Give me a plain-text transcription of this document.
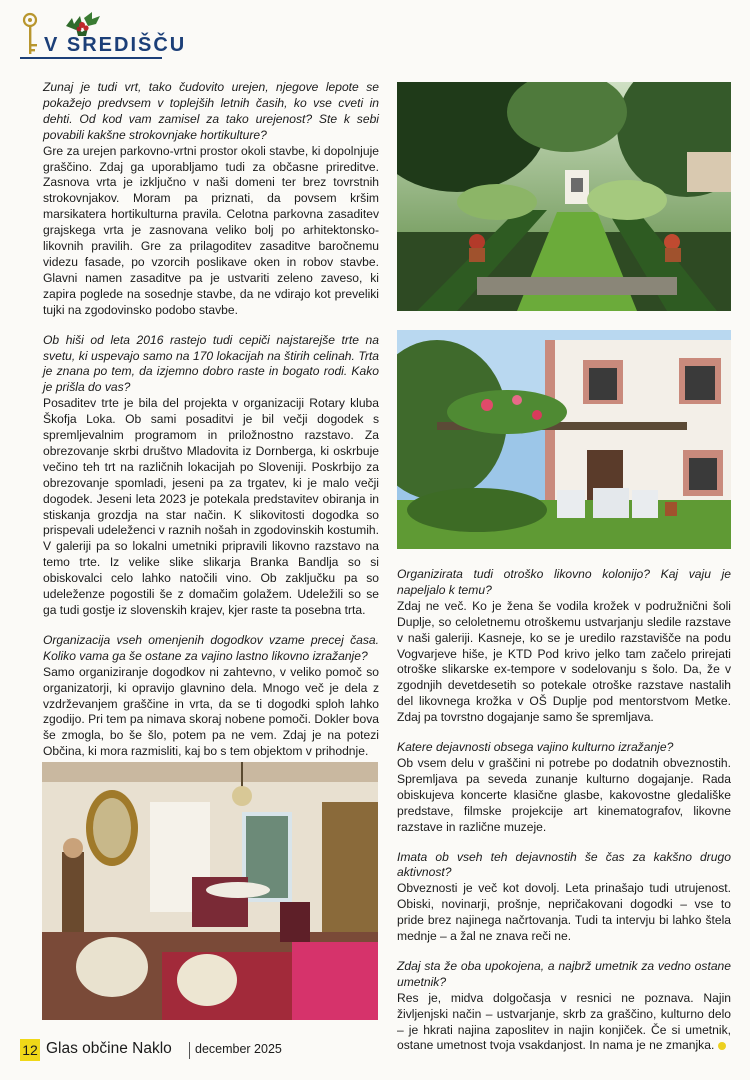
V SREDIŠČU

Zunaj je tudi vrt, tako čudovito urejen, njegove lepote se pokažejo predvsem v toplejših letnih časih, ko vse cveti in dehti. Od kod vam zamisel za tako urejenost? Ste k sebi povabili kakšne strokovnjake hortikulture?

Gre za urejen parkovno-vrtni prostor okoli stavbe, ki dopolnjuje graščino. Zdaj ga uporabljamo tudi za občasne prireditve. Zasnova vrta je izključno v naši domeni ter brez tovrstnih strokovnjakov. Moram pa priznati, da povsem kršim marsikatera hortikulturna pravila. Celotna parkovna zasaditev grajskega vrta je zasnovana veliko bolj po arhitektonsko-likovnih pravilih. Gre za prilagoditev zasaditve baročnemu videzu fasade, po vzorcih poslikave oken in robov stavbe. Glavni namen zasaditve pa je ustvariti zeleno zaveso, ki zapira poglede na sosednje stavbe, da ne vdirajo kot preveliki tujki na zgodovinsko podobo stavbe.

Ob hiši od leta 2016 rastejo tudi cepiči najstarejše trte na svetu, ki uspevajo samo na 170 lokacijah na štirih celinah. Trta je znana po tem, da izjemno dobro raste in bogato rodi. Kako je prišla do vas?

Posaditev trte je bila del projekta v organizaciji Rotary kluba Škofja Loka. Ob sami posaditvi je bil večji dogodek s spremljevalnim programom in priložnostno razstavo. Za obrezovanje skrbi društvo Mladovita iz Dornberga, ki oskrbuje večino teh trt na različnih lokacijah po Sloveniji. Poskrbijo za obrezovanje spomladi, jeseni pa za trgatev, ki je malo večji dogodek. Jeseni leta 2023 je potekala predstavitev obiranja in stiskanja grozdja na star način. K slikovitosti dogodka so prispevali udeleženci v raznih nošah in zgodovinskih kostumih. V galeriji pa so lokalni umetniki pripravili likovno razstavo na temo trte. Iz velike slike slikarja Branka Bandlja so si obiskovalci celo lahko natočili vino. Ob zaključku pa so udeleženze pogostili še z domačim golažem. Udeležili so se ga tudi gostje iz slovenskih krajev, kjer raste ta posebna trta.

Organizacija vseh omenjenih dogodkov vzame precej časa. Koliko vama ga še ostane za vajino lastno likovno izražanje?

Samo organiziranje dogodkov ni zahtevno, v veliko pomoč so organizatorji, ki opravijo glavnino dela. Mnogo več je dela z vzdrževanjem graščine in vrta, da se ti dogodki sploh lahko zgodijo. Pri tem pa nimava skoraj nobene pomoči. Dokler bova še zmogla, bo še šlo, potem pa ne vem. Zdaj je na potezi Občina, ki mora razmisliti, kaj bo s tem objektom v prihodnje.

Organizirata tudi otroško likovno kolonijo? Kaj vaju je napeljalo k temu?

Zdaj ne več. Ko je žena še vodila krožek v podružnični šoli Duplje, so celoletnemu otroškemu ustvarjanju sledile razstave v naši galeriji. Kasneje, ko se je uredilo razstavišče na podu Vogvarjeve hiše, je KTD Pod krivo jelko tam začelo prirejati otroške slikarske ex-tempore v sodelovanju s šolo. Da, že v zgodnjih devetdesetih so potekale otroške razstave nastalih del likovnega krožka v OŠ Duplje pod mentorstvom Metke. Zdaj pa tovrstno dogajanje samo še spremljava.

Katere dejavnosti obsega vajino kulturno izražanje?

Ob vsem delu v graščini ni potrebe po dodatnih obveznostih. Spremljava pa seveda zunanje kulturno dogajanje. Rada obiskujeva koncerte klasične glasbe, kakovostne gledališke predstave, filmske projekcije art kinematografov, likovne razstave in različne muzeje.

Imata ob vseh teh dejavnostih še čas za kakšno drugo aktivnost?

Obveznosti je več kot dovolj. Leta prinašajo tudi utrujenost. Obiski, novinarji, prošnje, nepričakovani dogodki – vse to pride brez najinega načrtovanja. Tudi ta intervju bi lahko štela mednje – a žal ne znava reči ne.

Zdaj sta že oba upokojena, a najbrž umetnik za vedno ostane umetnik?

Res je, midva dolgočasja v resnici ne poznava. Najin življenjski način – ustvarjanje, skrb za graščino, kulturno delo – je hkrati najina zaposlitev in najin konjiček. Če si umetnik, ostane umetnost tvoja vsakdanjost. In nama je ne zmanjka.

12 Glas občine Naklo december 2025
